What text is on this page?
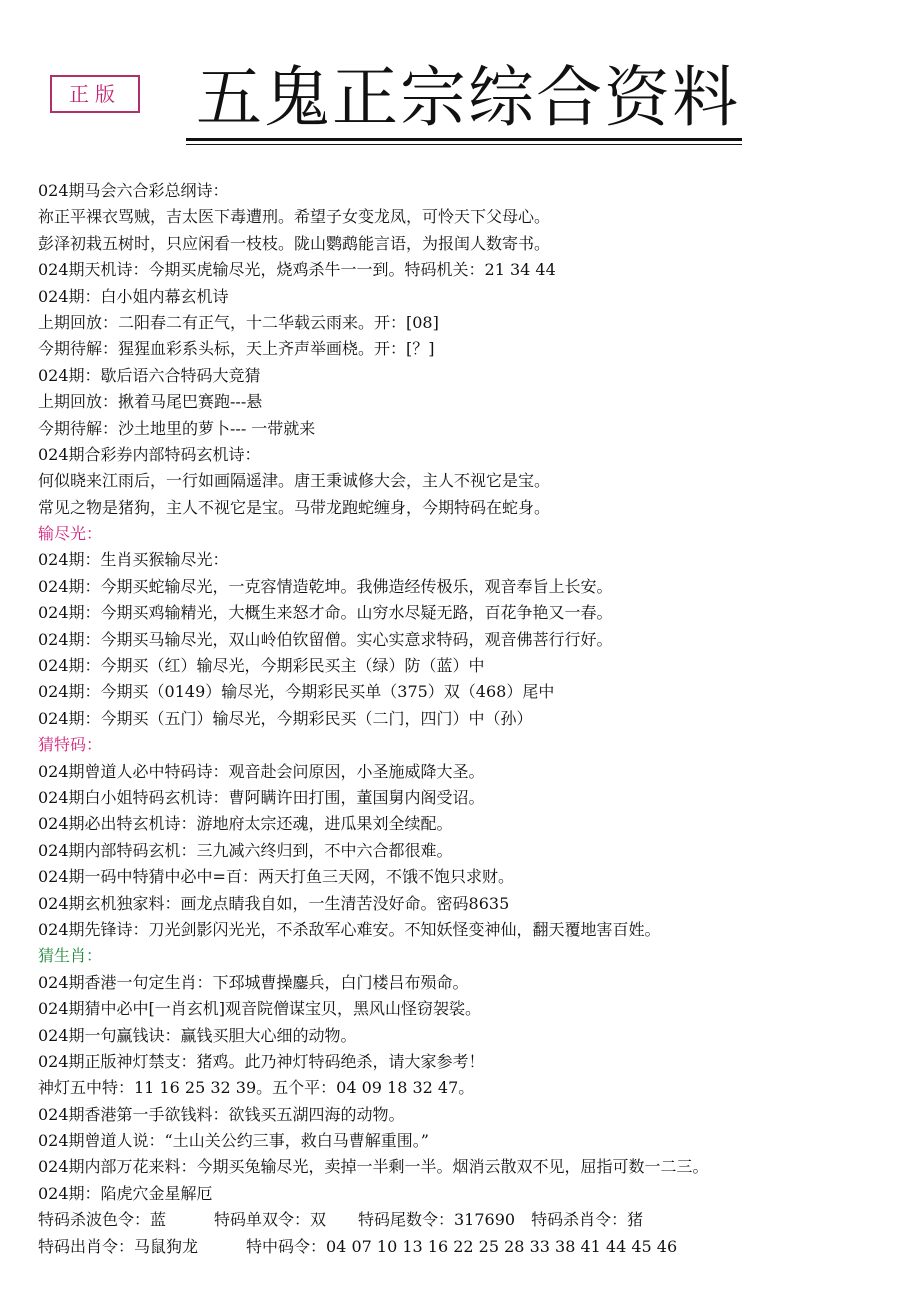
正版 五鬼正宗综合资料
024期马会六合彩总纲诗：
祢正平裸衣骂贼，吉太医下毒遭刑。希望子女变龙凤，可怜天下父母心。
彭泽初栽五树时，只应闲看一枝枝。陇山鹦鹉能言语，为报闺人数寄书。
024期天机诗：今期买虎输尽光，烧鸡杀牛一一到。特码机关：21 34 44
024期：白小姐内幕玄机诗
上期回放：二阳春二有正气，十二华载云雨来。开：[08]
今期待解：猩猩血彩系头标，天上齐声举画桡。开：[？]
024期：歇后语六合特码大竞猜
上期回放：揪着马尾巴赛跑---悬
今期待解：沙土地里的萝卜--- 一带就来
024期合彩券内部特码玄机诗：
何似晓来江雨后，一行如画隔遥津。唐王秉诚修大会，主人不视它是宝。
常见之物是猪狗，主人不视它是宝。马带龙跑蛇缠身，今期特码在蛇身。
输尽光：
024期：生肖买猴输尽光：
024期：今期买蛇输尽光，一克容情造乾坤。我佛造经传极乐，观音奉旨上长安。
024期：今期买鸡输精光，大概生来怒才命。山穷水尽疑无路，百花争艳又一春。
024期：今期买马输尽光，双山岭伯钦留僧。实心实意求特码，观音佛菩行行好。
024期：今期买（红）输尽光，今期彩民买主（绿）防（蓝）中
024期：今期买（0149）输尽光，今期彩民买单（375）双（468）尾中
024期：今期买（五门）输尽光，今期彩民买（二门，四门）中（孙）
猜特码：
024期曾道人必中特码诗：观音赴会问原因，小圣施威降大圣。
024期白小姐特码玄机诗：曹阿瞒许田打围，董国舅内阁受诏。
024期必出特玄机诗：游地府太宗还魂，进瓜果刘全续配。
024期内部特码玄机：三九减六终归到，不中六合都很难。
024期一码中特猜中必中=百：两天打鱼三天网，不饿不饱只求财。
024期玄机独家料：画龙点睛我自如，一生清苦没好命。密码8635
024期先锋诗：刀光剑影闪光光，不杀敌军心难安。不知妖怪变神仙，翻天覆地害百姓。
猜生肖：
024期香港一句定生肖：下邳城曹操鏖兵，白门楼吕布殒命。
024期猜中必中[一肖玄机]观音院僧谋宝贝，黑风山怪窃袈裟。
024期一句赢钱诀：赢钱买胆大心细的动物。
024期正版神灯禁支：猪鸡。此乃神灯特码绝杀，请大家参考！
神灯五中特：11 16 25 32 39。五个平：04 09 18 32 47。
024期香港第一手欲钱料：欲钱买五湖四海的动物。
024期曾道人说：“土山关公约三事，救白马曹解重围。”
024期内部万花来料：今期买兔输尽光，卖掉一半剩一半。烟消云散双不见，屈指可数一二三。
024期：陷虎穴金星解厄
特码杀波色令：蓝　　　特码单双令：双　　特码尾数令：317690　特码杀肖令：猪
特码出肖令：马鼠狗龙　　　特中码令：04 07 10 13 16 22 25 28 33 38 41 44 45 46
